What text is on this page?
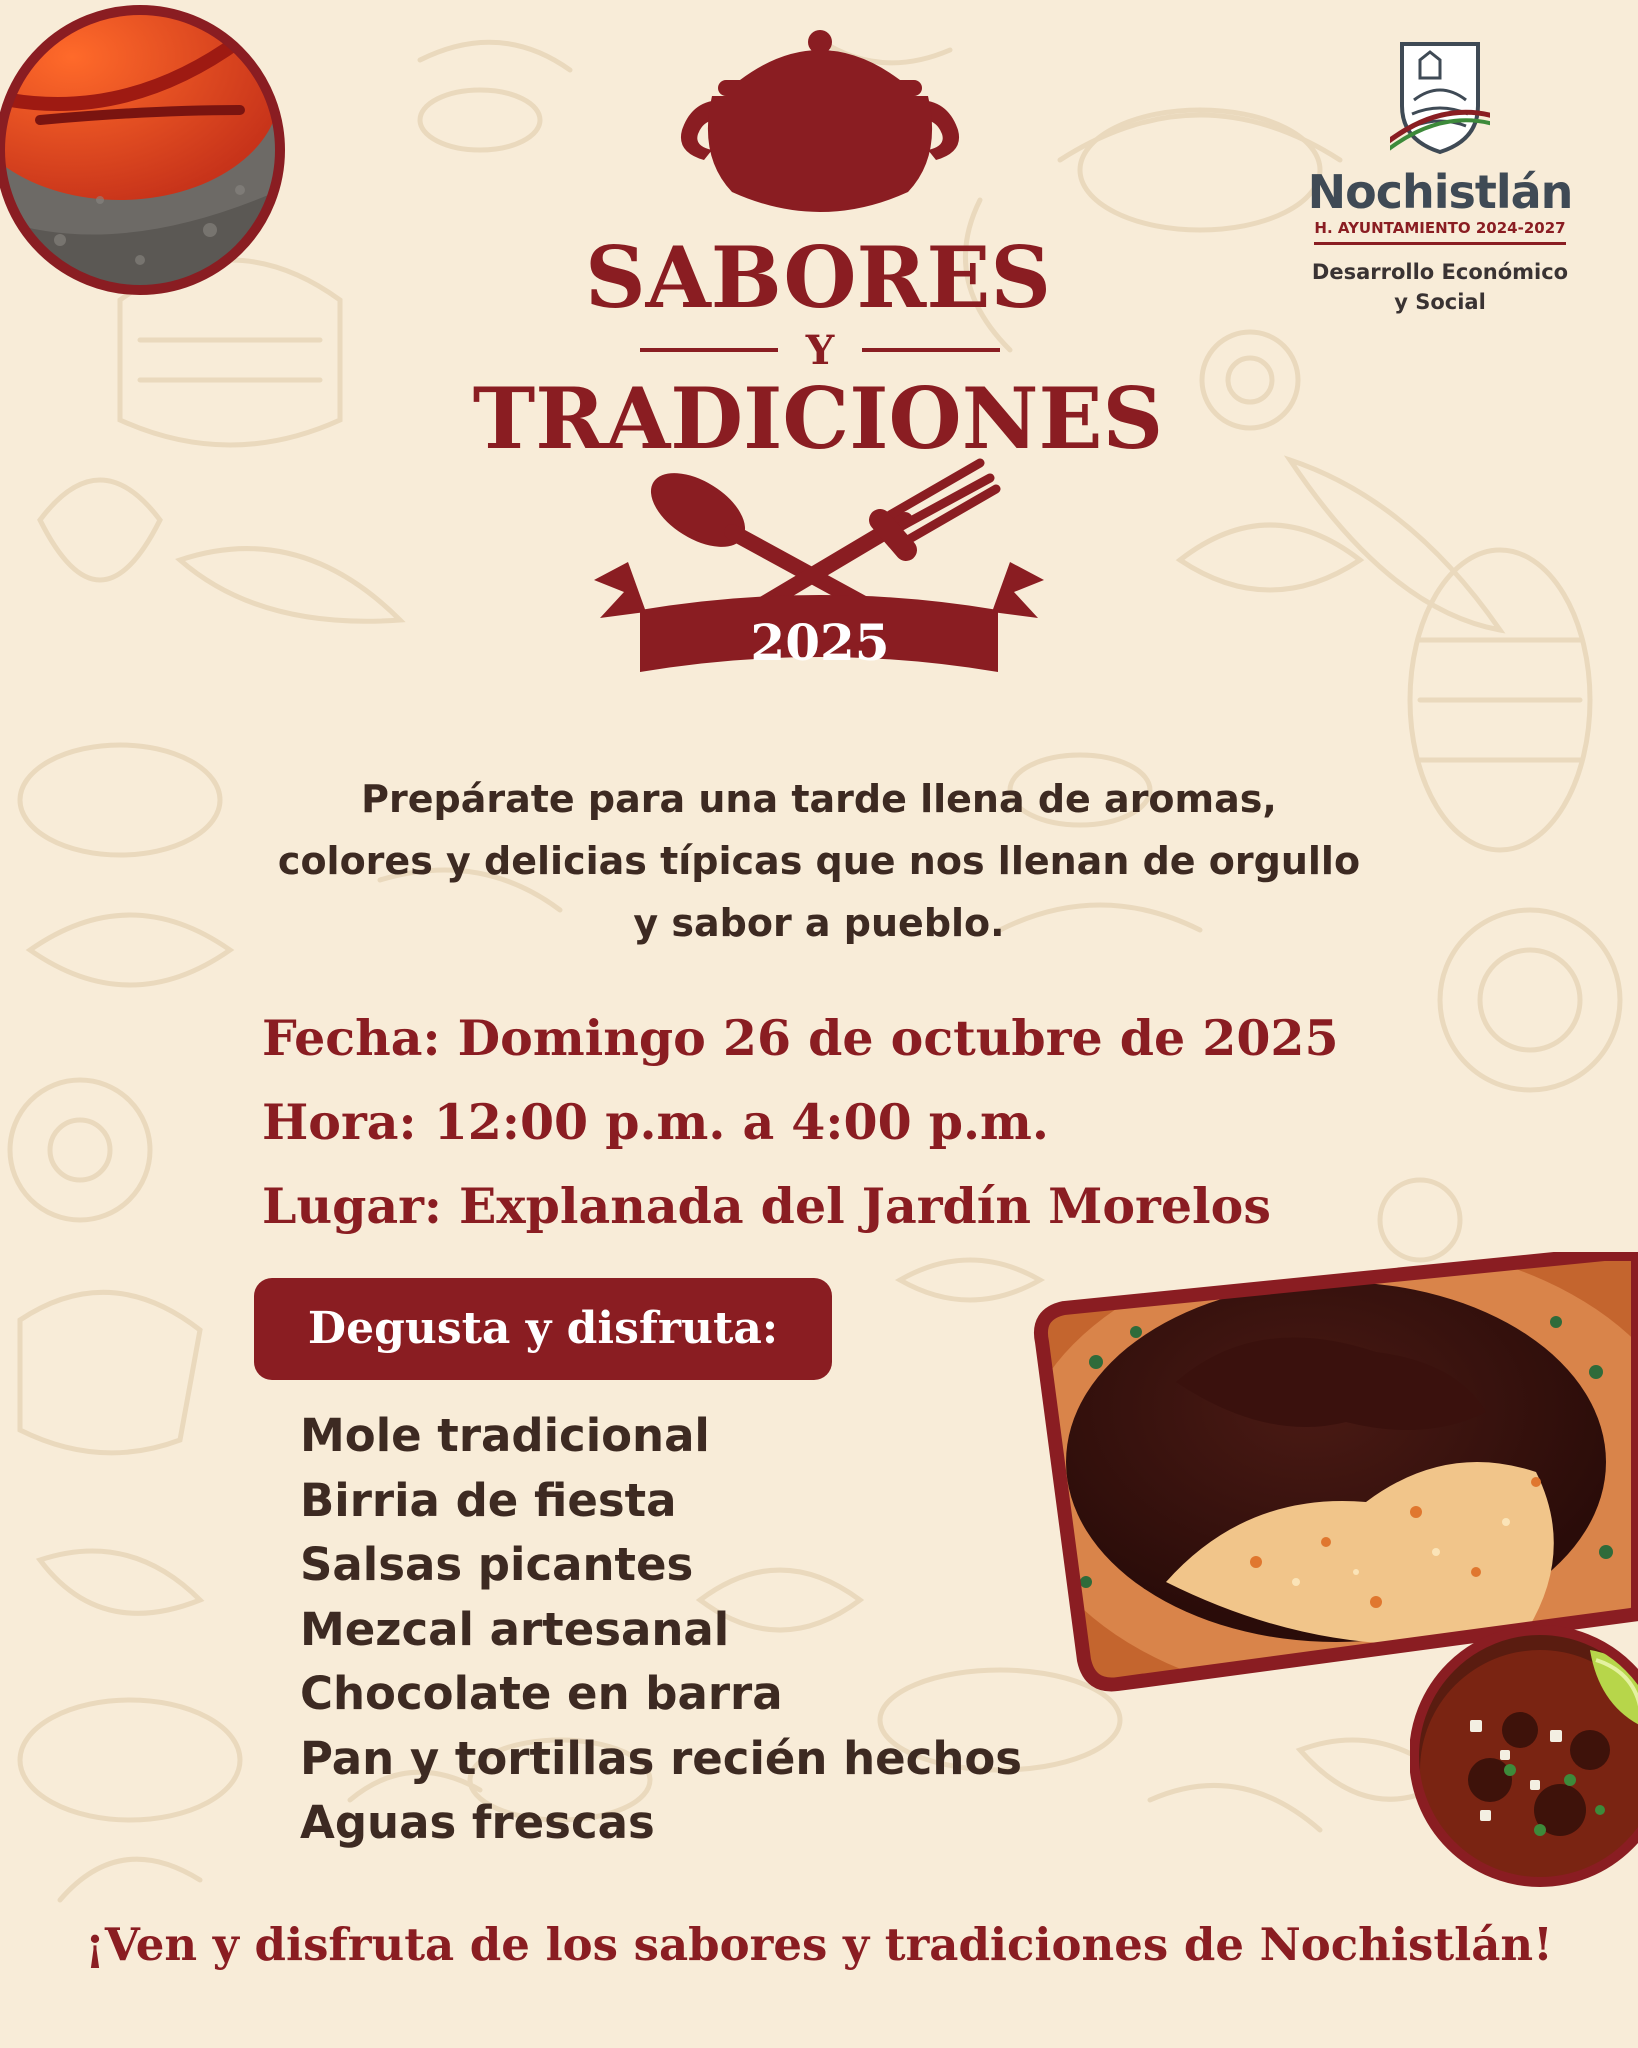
SABORES
Y
TRADICIONES
2025
Nochistlán
H. AYUNTAMIENTO 2024-2027
Desarrollo Económico
y Social
Prepárate para una tarde llena de aromas,
colores y delicias típicas que nos llenan de orgullo
y sabor a pueblo.
Fecha: Domingo 26 de octubre de 2025
Hora: 12:00 p.m. a 4:00 p.m.
Lugar: Explanada del Jardín Morelos
Degusta y disfruta:
Mole tradicional
Birria de fiesta
Salsas picantes
Mezcal artesanal
Chocolate en barra
Pan y tortillas recién hechos
Aguas frescas
¡Ven y disfruta de los sabores y tradiciones de Nochistlán!
